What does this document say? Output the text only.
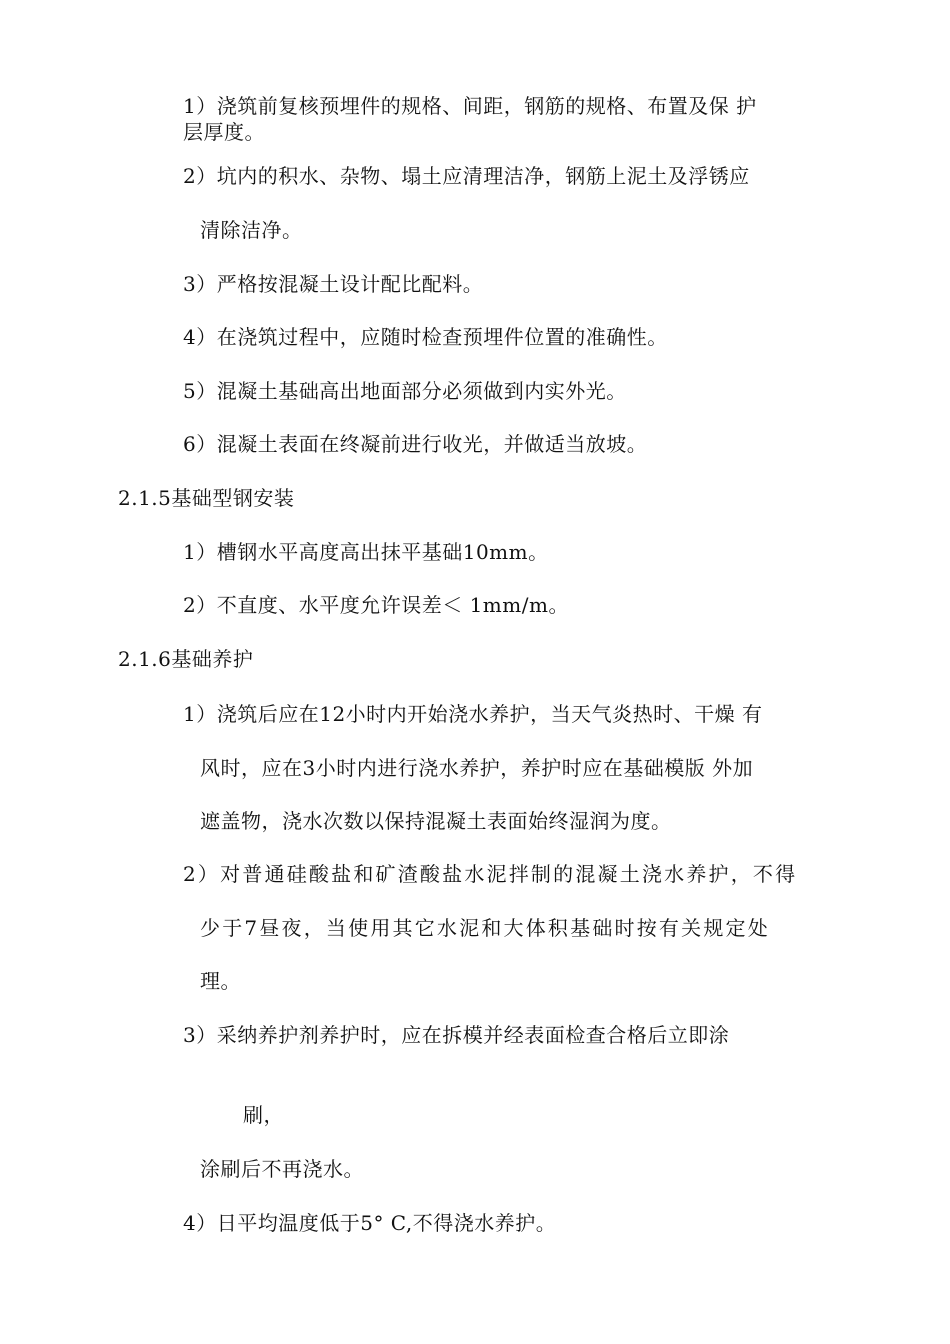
1）浇筑前复核预埋件的规格、间距，钢筋的规格、布置及保 护
层厚度。
2）坑内的积水、杂物、塌土应清理洁净，钢筋上泥土及浮锈应
清除洁净。
3）严格按混凝土设计配比配料。
4）在浇筑过程中，应随时检查预埋件位置的准确性。
5）混凝土基础高出地面部分必须做到内实外光。
6）混凝土表面在终凝前进行收光，并做适当放坡。
2.1.5基础型钢安装
1）槽钢水平高度高出抹平基础10mm。
2）不直度、水平度允许误差＜ 1mm/m。
2.1.6基础养护
1）浇筑后应在12小时内开始浇水养护，当天气炎热时、干燥 有
风时，应在3小时内进行浇水养护，养护时应在基础模版 外加
遮盖物，浇水次数以保持混凝土表面始终湿润为度。
2）对普通硅酸盐和矿渣酸盐水泥拌制的混凝土浇水养护，不得
少于7昼夜，当使用其它水泥和大体积基础时按有关规定处
理。
3）采纳养护剂养护时，应在拆模并经表面检查合格后立即涂
刷，
涂刷后不再浇水。
4）日平均温度低于5° C,不得浇水养护。
